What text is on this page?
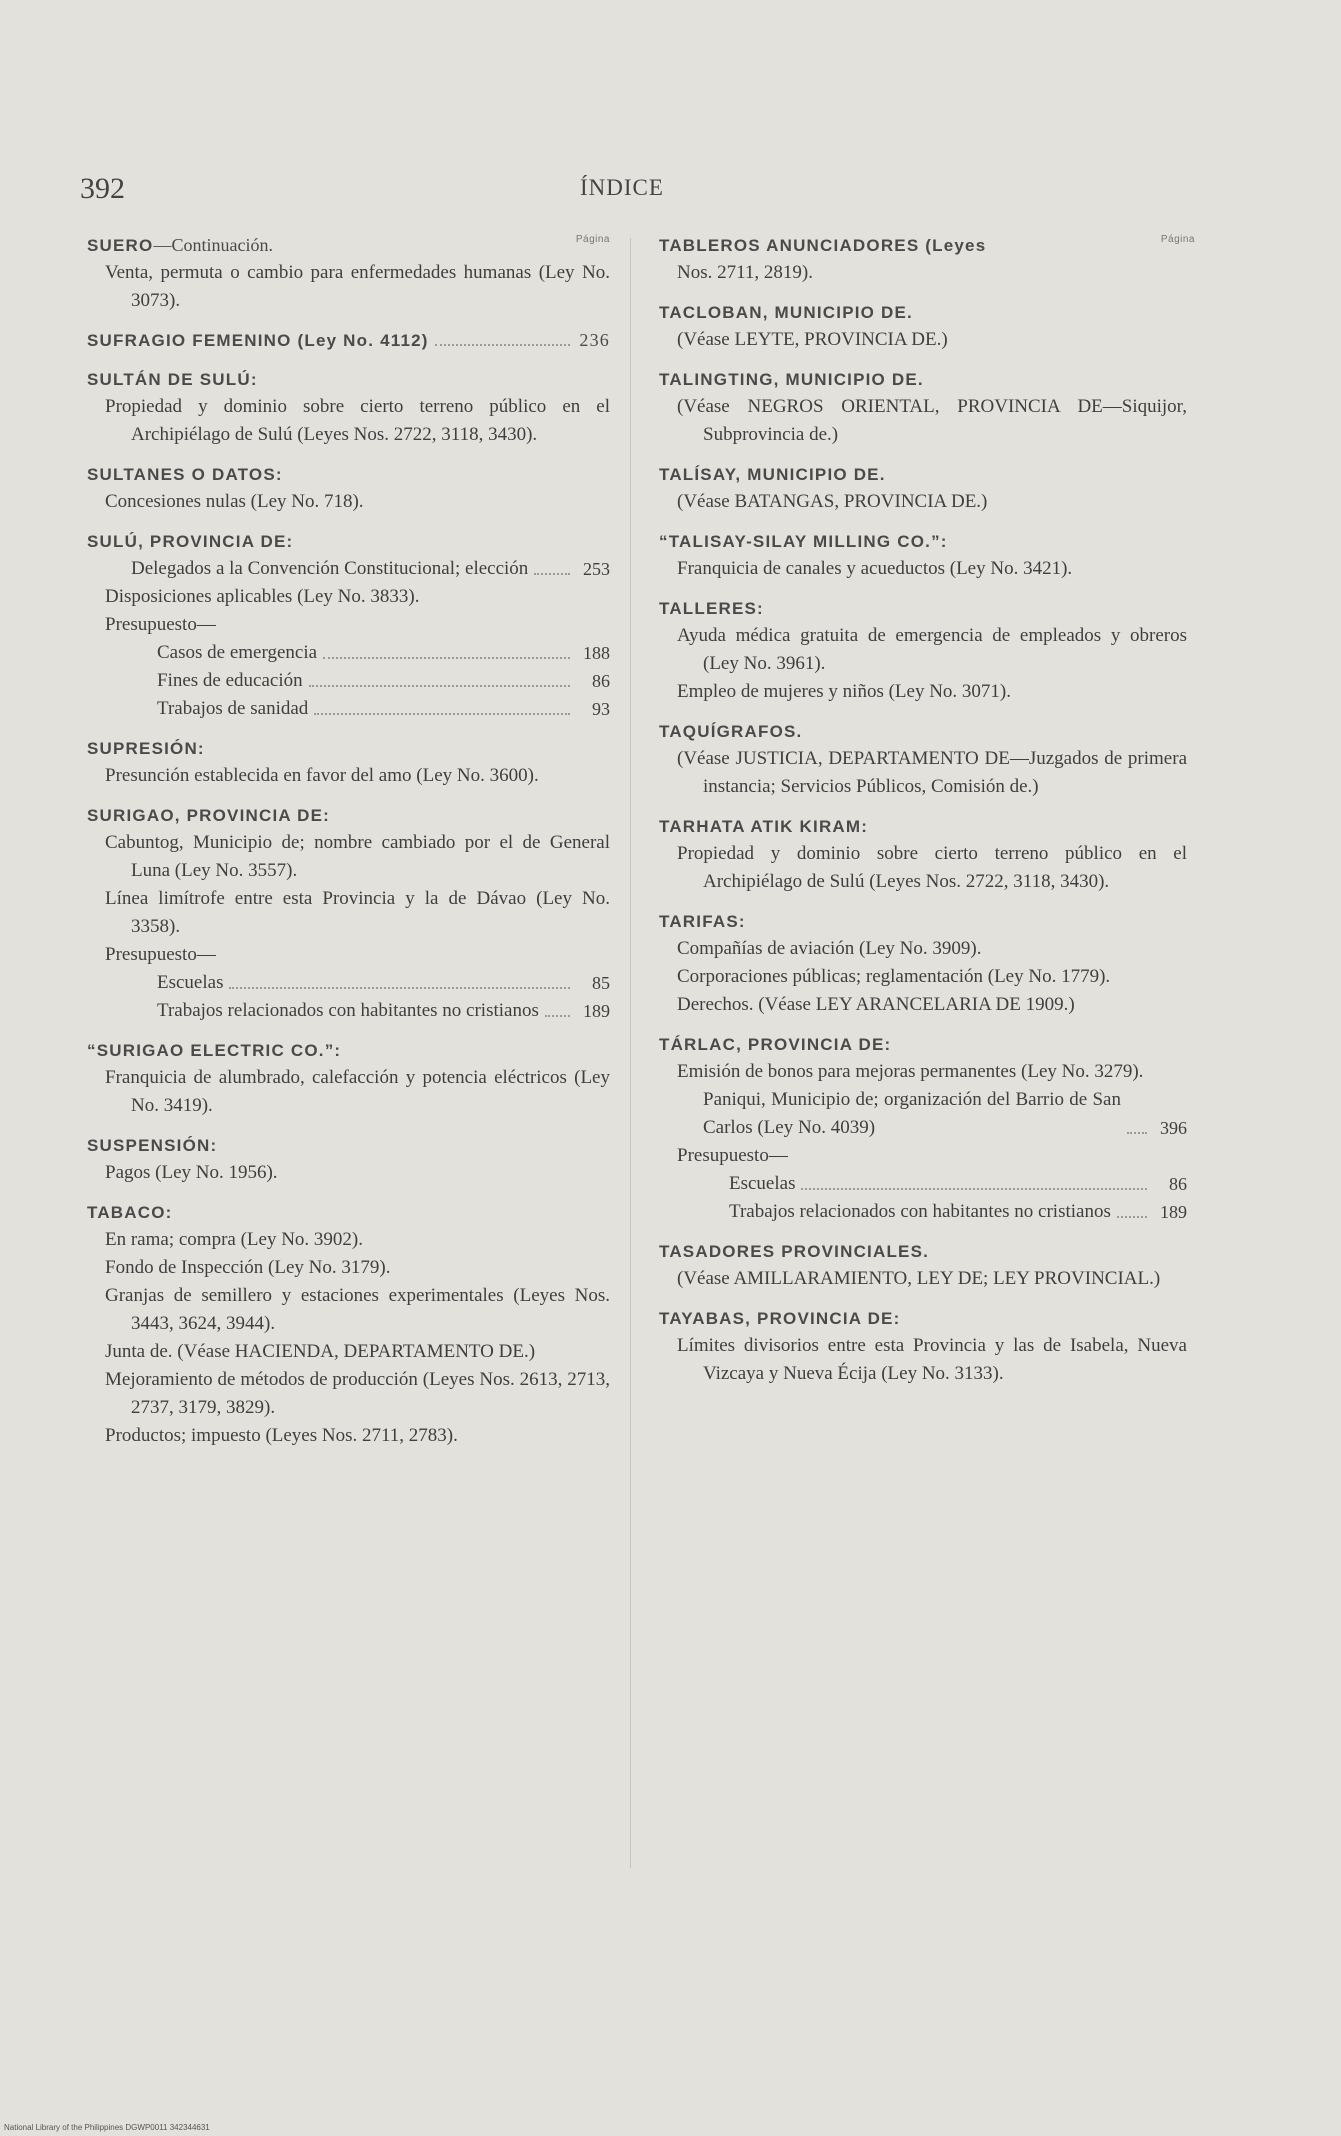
392	ÍNDICE
Página
SUERO—Continuación.
Venta, permuta o cambio para enfermedades humanas (Ley No. 3073).
SUFRAGIO FEMENINO (Ley No. 4112)	236
SULTÁN DE SULÚ:
Propiedad y dominio sobre cierto terreno público en el Archipiélago de Sulú (Leyes Nos. 2722, 3118, 3430).
SULTANES O DATOS:
Concesiones nulas (Ley No. 718).
SULÚ, PROVINCIA DE:
Delegados a la Convención Constitucional; elección	253
Disposiciones aplicables (Ley No. 3833).
Presupuesto—
Casos de emergencia	188
Fines de educación	86
Trabajos de sanidad	93
SUPRESIÓN:
Presunción establecida en favor del amo (Ley No. 3600).
SURIGAO, PROVINCIA DE:
Cabuntog, Municipio de; nombre cambiado por el de General Luna (Ley No. 3557).
Línea limítrofe entre esta Provincia y la de Dávao (Ley No. 3358).
Presupuesto—
Escuelas	85
Trabajos relacionados con habitantes no cristianos	189
“SURIGAO ELECTRIC CO.”:
Franquicia de alumbrado, calefacción y potencia eléctricos (Ley No. 3419).
SUSPENSIÓN:
Pagos (Ley No. 1956).
TABACO:
En rama; compra (Ley No. 3902).
Fondo de Inspección (Ley No. 3179).
Granjas de semillero y estaciones experimentales (Leyes Nos. 3443, 3624, 3944).
Junta de. (Véase HACIENDA, DEPARTAMENTO DE.)
Mejoramiento de métodos de producción (Leyes Nos. 2613, 2713, 2737, 3179, 3829).
Productos; impuesto (Leyes Nos. 2711, 2783).
Página
TABLEROS ANUNCIADORES (Leyes
Nos. 2711, 2819).
TACLOBAN, MUNICIPIO DE.
(Véase LEYTE, PROVINCIA DE.)
TALINGTING, MUNICIPIO DE.
(Véase NEGROS ORIENTAL, PROVINCIA DE—Siquijor, Subprovincia de.)
TALÍSAY, MUNICIPIO DE.
(Véase BATANGAS, PROVINCIA DE.)
“TALISAY-SILAY MILLING CO.”:
Franquicia de canales y acueductos (Ley No. 3421).
TALLERES:
Ayuda médica gratuita de emergencia de empleados y obreros (Ley No. 3961).
Empleo de mujeres y niños (Ley No. 3071).
TAQUÍGRAFOS.
(Véase JUSTICIA, DEPARTAMENTO DE—Juzgados de primera instancia; Servicios Públicos, Comisión de.)
TARHATA ATIK KIRAM:
Propiedad y dominio sobre cierto terreno público en el Archipiélago de Sulú (Leyes Nos. 2722, 3118, 3430).
TARIFAS:
Compañías de aviación (Ley No. 3909).
Corporaciones públicas; reglamentación (Ley No. 1779).
Derechos. (Véase LEY ARANCELARIA DE 1909.)
TÁRLAC, PROVINCIA DE:
Emisión de bonos para mejoras permanentes (Ley No. 3279).
Paniqui, Municipio de; organización del Barrio de San Carlos (Ley No. 4039)	396
Presupuesto—
Escuelas	86
Trabajos relacionados con habitantes no cristianos	189
TASADORES PROVINCIALES.
(Véase AMILLARAMIENTO, LEY DE; LEY PROVINCIAL.)
TAYABAS, PROVINCIA DE:
Límites divisorios entre esta Provincia y las de Isabela, Nueva Vizcaya y Nueva Écija (Ley No. 3133).
National Library of the Philippines DGWP0011 342344631
